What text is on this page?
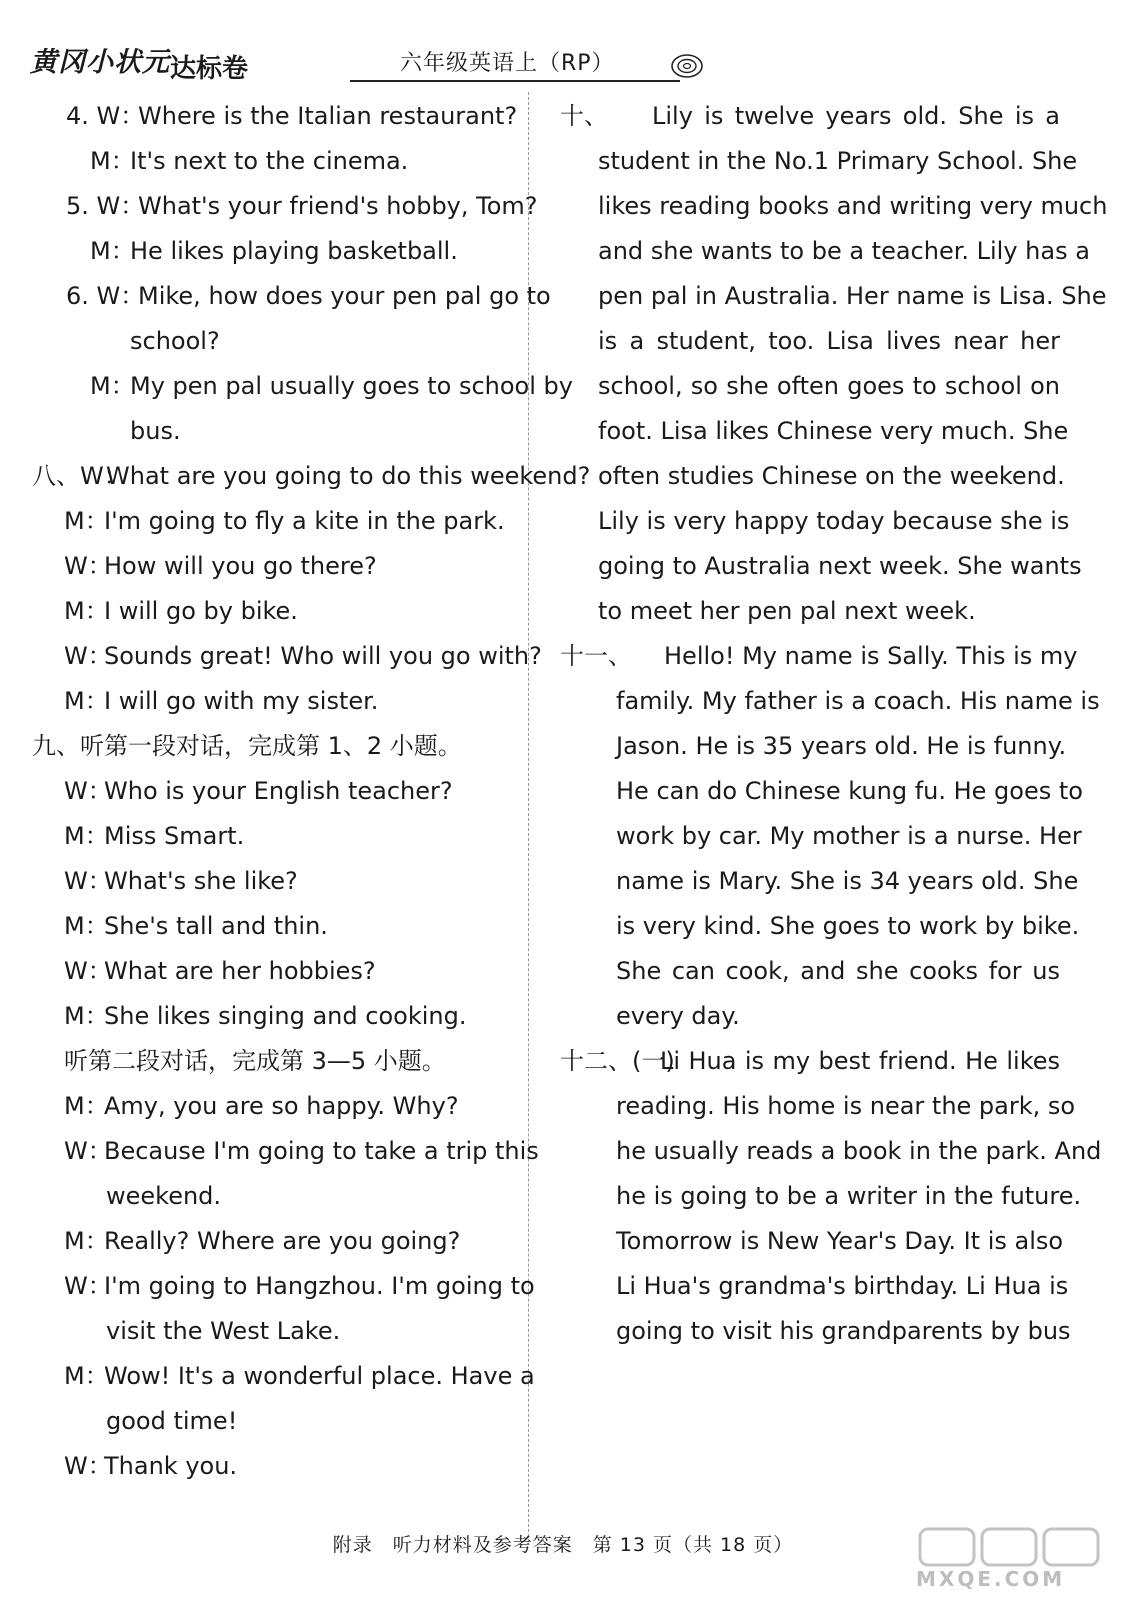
黄冈小状元 达标卷	六年级英语上（RP）
4. W：
Where is the Italian restaurant?
M：
It's next to the cinema.
5. W：
What's your friend's hobby, Tom?
M：
He likes playing basketball.
6. W：
Mike, how does your pen pal go to
school?
M：
My pen pal usually goes to school by
bus.
八、W：
What are you going to do this weekend?
M：
I'm going to fly a kite in the park.
W：
How will you go there?
M：
I will go by bike.
W：
Sounds great! Who will you go with?
M：
I will go with my sister.
九、听第一段对话，完成第 1、2 小题。
W：
Who is your English teacher?
M：
Miss Smart.
W：
What's she like?
M：
She's tall and thin.
W：
What are her hobbies?
M：
She likes singing and cooking.
听第二段对话，完成第 3—5 小题。
M：
Amy, you are so happy. Why?
W：
Because I'm going to take a trip this
weekend.
M：
Really? Where are you going?
W：
I'm going to Hangzhou. I'm going to
visit the West Lake.
M：
Wow! It's a wonderful place. Have a
good time!
W：
Thank you.
十、 Lily is twelve years old. She is a
student in the No.1 Primary School. She
likes reading books and writing very much
and she wants to be a teacher. Lily has a
pen pal in Australia. Her name is Lisa. She
is a student, too. Lisa lives near her
school, so she often goes to school on
foot. Lisa likes Chinese very much. She
often studies Chinese on the weekend.
Lily is very happy today because she is
going to Australia next week. She wants
to meet her pen pal next week.
十一、 Hello! My name is Sally. This is my
family. My father is a coach. His name is
Jason. He is 35 years old. He is funny.
He can do Chinese kung fu. He goes to
work by car. My mother is a nurse. Her
name is Mary. She is 34 years old. She
is very kind. She goes to work by bike.
She can cook, and she cooks for us
every day.
十二、(一)
Li Hua is my best friend. He likes
reading. His home is near the park, so
he usually reads a book in the park. And
he is going to be a writer in the future.
Tomorrow is New Year's Day. It is also
Li Hua's grandma's birthday. Li Hua is
going to visit his grandparents by bus
附录　听力材料及参考答案　第 13 页（共 18 页）
MXQE.COM
